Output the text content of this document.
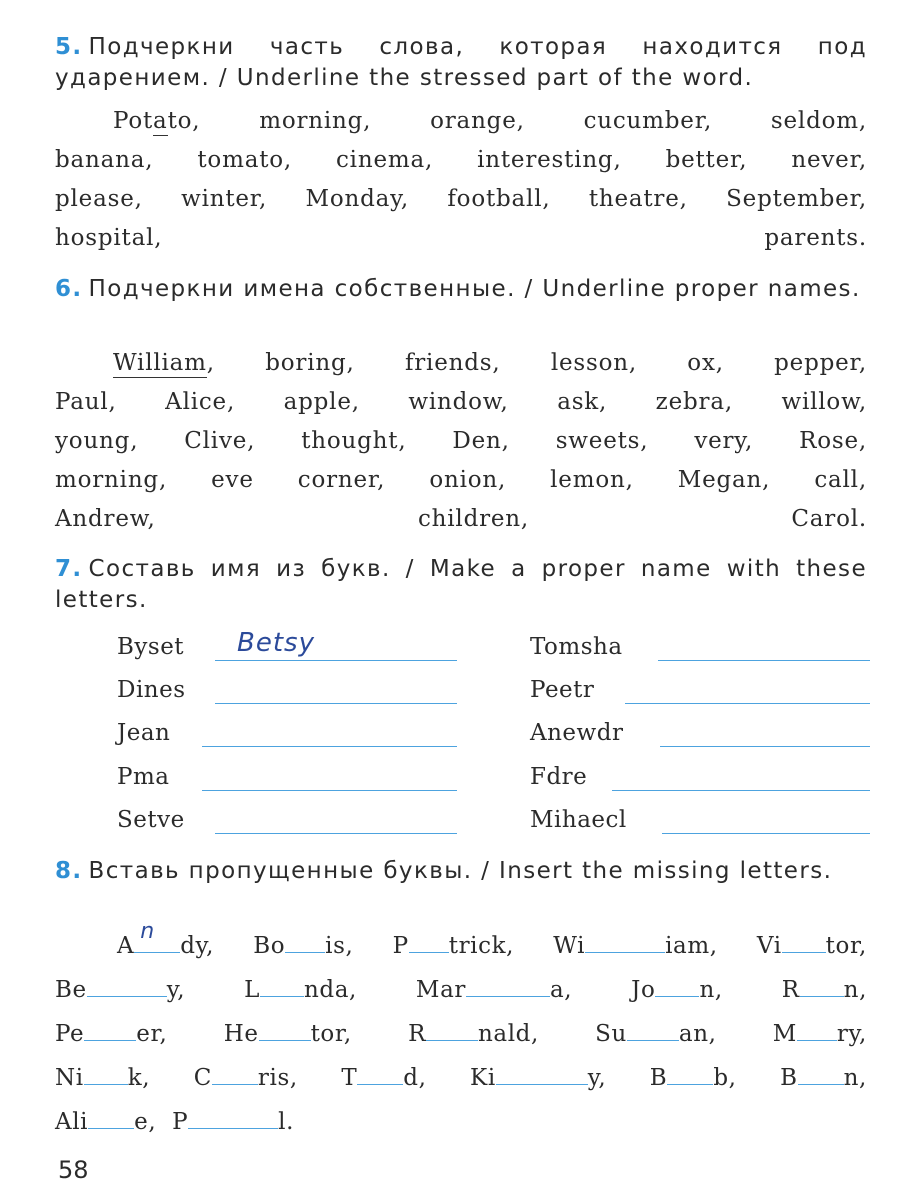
5. Подчеркни часть слова, которая находится под ударением. / Underline the stressed part of the word.

Potato,	morning,	orange,	cucumber,	seldom,
banana, tomato, cinema, interesting, better, never,
please, winter, Monday, football, theatre, September,
hospital, parents.

6. Подчеркни имена собственные. / Underline proper names.

William, boring, friends, lesson, ox, pepper,
Paul, Alice, apple, window, ask, zebra, willow,
young, Clive, thought, Den, sweets, very, Rose,
morning, eve corner, onion, lemon, Megan, call,
Andrew, children, Carol.

7. Составь имя из букв. / Make a proper name with these letters.

Byset Betsy
Dines
Jean
Pma
Setve
Tomsha
Peetr
Anewdr
Fdre
Mihaecl

8. Вставь пропущенные буквы. / Insert the missing letters.

A
n
dy, Bo is, P trick, Wi	iam, Vi tor,
Be	y,	L nda,	Mar	a,	Jo n,	R n,
Pe er, He tor, R nald, Su an, M ry,
Ni k, C ris, T d, Ki	y, B b, B n,
Ali e, P	l.
58
